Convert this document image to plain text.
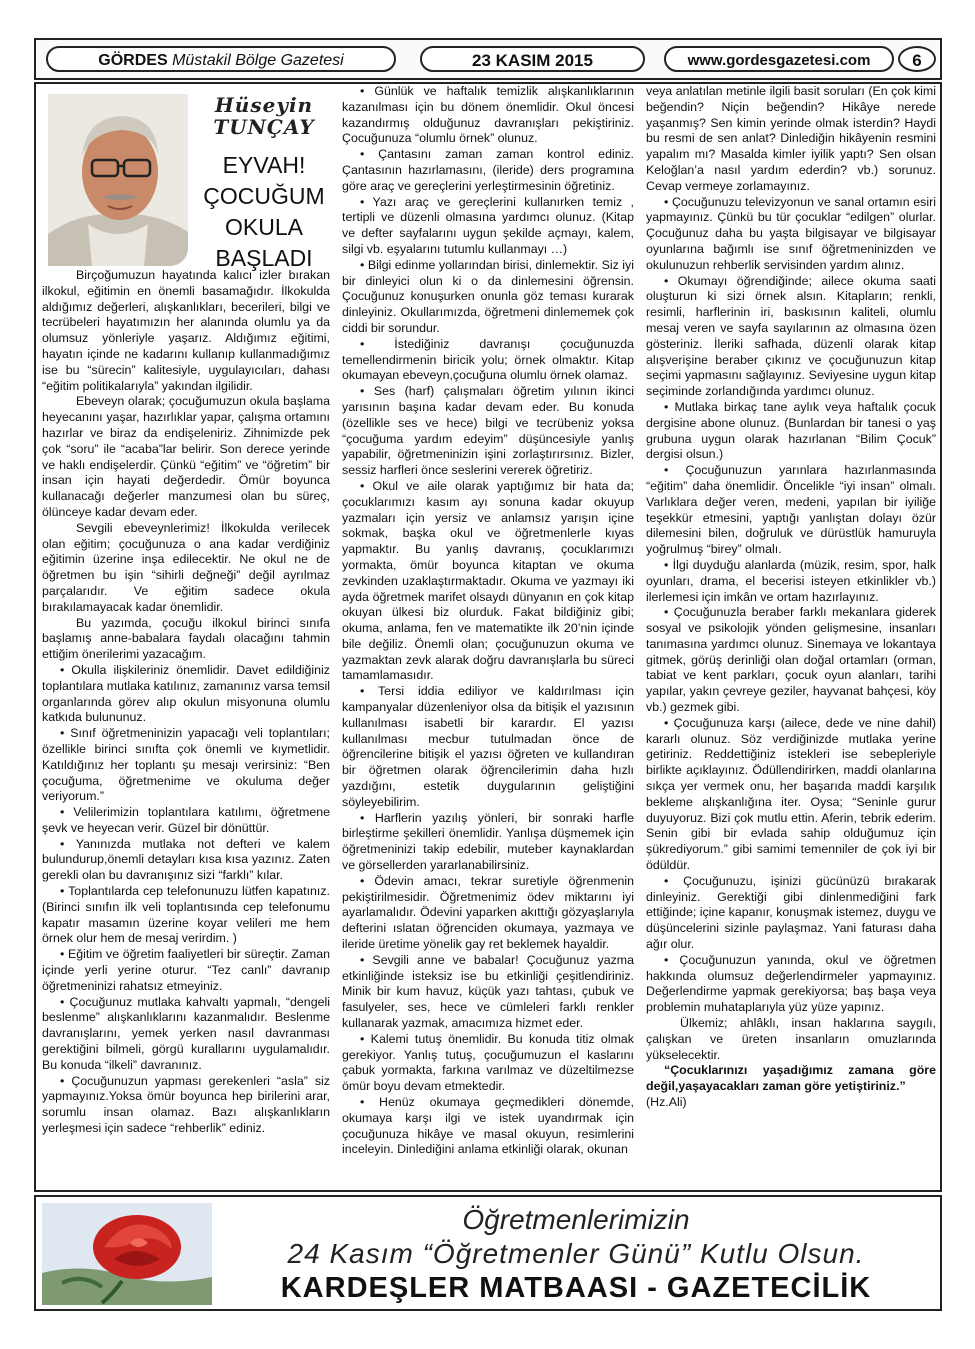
GÖRDES Müstakil Bölge Gazetesi	23 KASIM 2015	www.gordesgazetesi.com	6
Hüseyin
TUNÇAY
EYVAH!
ÇOCUĞUM
OKULA
BAŞLADI

Birçoğumuzun hayatında kalıcı izler bırakan ilkokul, eğitimin en önemli basamağıdır. İlkokulda aldığımız değerleri, alışkanlıkları, becerileri, bilgi ve tecrübeleri hayatımızın her alanında olumlu ya da olumsuz yönleriyle yaşarız. Aldığımız eğitimi, hayatın içinde ne kadarını kullanıp kullanmadığımız ise bu “sürecin” kalitesiyle, uygulayıcıları, dahası “eğitim politikalarıyla” yakından ilgilidir.

Ebeveyn olarak; çocuğumuzun okula başlama heyecanını yaşar, hazırlıklar yapar, çalışma ortamını hazırlar ve biraz da endişeleniriz. Zihnimizde pek çok “soru” ile “acaba”lar belirir. Son derece yerinde ve haklı endişelerdir. Çünkü “eğitim” ve “öğretim” bir insan için hayati değerdedir. Ömür boyunca kullanacağı değerler manzumesi olan bu süreç, ölünceye kadar devam eder.

Sevgili ebeveynlerimiz! İlkokulda verilecek olan eğitim; çocuğunuza o ana kadar verdiğiniz eğitimin üzerine inşa edilecektir. Ne okul ne de öğretmen bu işin “sihirli değneği” değil ayrılmaz parçalarıdır. Ve eğitim sadece okula bırakılamayacak kadar önemlidir.

Bu yazımda, çocuğu ilkokul birinci sınıfa başlamış anne-babalara faydalı olacağını tahmin ettiğim önerilerimi yazacağım.

• Okulla ilişkileriniz önemlidir. Davet edildiğiniz toplantılara mutlaka katılınız, zamanınız varsa temsil organlarında görev alıp okulun misyonuna olumlu katkıda bulununuz.

• Sınıf öğretmeninizin yapacağı veli toplantıları; özellikle birinci sınıfta çok önemli ve kıymetlidir. Katıldığınız her toplantı şu mesajı verirsiniz: “Ben çocuğuma, öğretmenime ve okuluma değer veriyorum.”

• Velilerimizin toplantılara katılımı, öğretmene şevk ve heyecan verir. Güzel bir dönüttür.

• Yanınızda mutlaka not defteri ve kalem bulundurup,önemli detayları kısa kısa yazınız. Zaten gerekli olan bu davranışınız sizi “farklı” kılar.

• Toplantılarda cep telefonunuzu lütfen kapatınız.(Birinci sınıfın ilk veli toplantısında cep telefonumu kapatır masamın üzerine koyar velileri me hem örnek olur hem de mesaj verirdim. )

• Eğitim ve öğretim faaliyetleri bir süreçtir. Zaman içinde yerli yerine oturur. “Tez canlı” davranıp öğretmeninizi rahatsız etmeyiniz.

• Çocuğunuz mutlaka kahvaltı yapmalı, “dengeli beslenme” alışkanlıklarını kazanmalıdır. Beslenme davranışlarını, yemek yerken nasıl davranması gerektiğini bilmeli, görgü kurallarını uygulamalıdır. Bu konuda “ilkeli” davranınız.

• Çocuğunuzun yapması gerekenleri “asla” siz yapmayınız.Yoksa ömür boyunca hep birilerini arar, sorumlu insan olamaz. Bazı alışkanlıkların yerleşmesi için sadece “rehberlik” ediniz.

• Günlük ve haftalık temizlik alışkanlıklarının kazanılması için bu dönem önemlidir. Okul öncesi kazandırmış olduğunuz davranışları pekiştiriniz. Çocuğunuza “olumlu örnek” olunuz.

• Çantasını zaman zaman kontrol ediniz. Çantasının hazırlamasını, (ileride) ders programına göre araç ve gereçlerini yerleştirmesinin öğretiniz.

• Yazı araç ve gereçlerini kullanırken temiz , tertipli ve düzenli olmasına yardımcı olunuz. (Kitap ve defter sayfalarını uygun şekilde açmayı, kalem, silgi vb. eşyalarını tutumlu kullanmayı …)

• Bilgi edinme yollarından birisi, dinlemektir. Siz iyi bir dinleyici olun ki o da dinlemesini öğrensin. Çocuğunuz konuşurken onunla göz teması kurarak dinleyiniz. Okullarımızda, öğretmeni dinlememek çok ciddi bir sorundur.

• İstediğiniz davranışı çocuğunuzda temellendirmenin biricik yolu; örnek olmaktır. Kitap okumayan ebeveyn,çocuğuna olumlu örnek olamaz.

• Ses (harf) çalışmaları öğretim yılının ikinci yarısının başına kadar devam eder. Bu konuda (özellikle ses ve hece) bilgi ve tecrübeniz yoksa “çocuğuma yardım edeyim” düşüncesiyle yanlış yapabilir, öğretmeninizin işini zorlaştırırsınız. Bizler, sessiz harfleri önce seslerini vererek öğretiriz.

• Okul ve aile olarak yaptığımız bir hata da; çocuklarımızı kasım ayı sonuna kadar okuyup yazmaları için yersiz ve anlamsız yarışın içine sokmak, başka okul ve öğretmenlerle kıyas yapmaktır. Bu yanlış davranış, çocuklarımızı yormakta, ömür boyunca kitaptan ve okuma zevkinden uzaklaştırmaktadır. Okuma ve yazmayı iki ayda öğretmek marifet olsaydı dünyanın en çok kitap okuyan ülkesi biz olurduk. Fakat bildiğiniz gibi; okuma, anlama, fen ve matematikte ilk 20’nin içinde bile değiliz. Önemli olan; çocuğunuzun okuma ve yazmaktan zevk alarak doğru davranışlarla bu süreci tamamlamasıdır.

• Tersi iddia ediliyor ve kaldırılması için kampanyalar düzenleniyor olsa da bitişik el yazısının kullanılması isabetli bir karardır. El yazısı kullanılması mecbur tutulmadan önce de öğrencilerine bitişik el yazısı öğreten ve kullandıran bir öğretmen olarak öğrencilerimin daha hızlı yazdığını, estetik duygularının geliştiğini söyleyebilirim.

• Harflerin yazılış yönleri, bir sonraki harfle birleştirme şekilleri önemlidir. Yanlışa düşmemek için öğretmeninizi takip edebilir, muteber kaynaklardan ve görsellerden yararlanabilirsiniz.

• Ödevin amacı, tekrar suretiyle öğrenmenin pekiştirilmesidir. Öğretmenimiz ödev miktarını iyi ayarlamalıdır. Ödevini yaparken akıttığı gözyaşlarıyla defterini ıslatan öğrenciden okumaya, yazmaya ve ileride üretime yönelik gay ret beklemek hayaldir.

• Sevgili anne ve babalar! Çocuğunuz yazma etkinliğinde isteksiz ise bu etkinliği çeşitlendiriniz. Minik bir kum havuz, küçük yazı tahtası, çubuk ve fasulyeler, ses, hece ve cümleleri farklı renkler kullanarak yazmak, amacımıza hizmet eder.

• Kalemi tutuş önemlidir. Bu konuda titiz olmak gerekiyor. Yanlış tutuş, çocuğumuzun el kaslarını çabuk yormakta, farkına varılmaz ve düzeltilmezse ömür boyu devam etmektedir.

• Henüz okumaya geçmedikleri dönemde, okumaya karşı ilgi ve istek uyandırmak için çocuğunuza hikâye ve masal okuyun, resimlerini inceleyin. Dinlediğini anlama etkinliği olarak, okunan

veya anlatılan metinle ilgili basit soruları (En çok kimi beğendin? Niçin beğendin? Hikâye nerede yaşanmış? Sen kimin yerinde olmak isterdin? Haydi bu resmi de sen anlat? Dinlediğin hikâyenin resmini yapalım mı? Masalda kimler iyilik yaptı? Sen olsan Keloğlan’a nasıl yardım ederdin? vb.) sorunuz. Cevap vermeye zorlamayınız.

• Çocuğunuzu televizyonun ve sanal ortamın esiri yapmayınız. Çünkü bu tür çocuklar “edilgen” olurlar. Çocuğunuz daha bu yaşta bilgisayar ve bilgisayar oyunlarına bağımlı ise sınıf öğretmeninizden ve okulunuzun rehberlik servisinden yardım alınız.

• Okumayı öğrendiğinde; ailece okuma saati oluşturun ki sizi örnek alsın. Kitapların; renkli, resimli, harflerinin iri, baskısının kaliteli, olumlu mesaj veren ve sayfa sayılarının az olmasına özen gösteriniz. İleriki safhada, düzenli olarak kitap alışverişine beraber çıkınız ve çocuğunuzun kitap seçimi yapmasını sağlayınız. Seviyesine uygun kitap seçiminde zorlandığında yardımcı olunuz.

• Mutlaka birkaç tane aylık veya haftalık çocuk dergisine abone olunuz. (Bunlardan bir tanesi o yaş grubuna uygun olarak hazırlanan “Bilim Çocuk” dergisi olsun.)

• Çocuğunuzun yarınlara hazırlanmasında “eğitim” daha önemlidir. Öncelikle “iyi insan” olmalı. Varlıklara değer veren, medeni, yapılan bir iyiliğe teşekkür etmesini, yaptığı yanlıştan dolayı özür dilemesini bilen, doğruluk ve dürüstlük hamuruyla yoğrulmuş “birey” olmalı.

• İlgi duyduğu alanlarda (müzik, resim, spor, halk oyunları, drama, el becerisi isteyen etkinlikler vb.) ilerlemesi için imkân ve ortam hazırlayınız.

• Çocuğunuzla beraber farklı mekanlara giderek sosyal ve psikolojik yönden gelişmesine, insanları tanımasına yardımcı olunuz. Sinemaya ve lokantaya gitmek, görüş derinliği olan doğal ortamları (orman, tabiat ve kent parkları, çocuk oyun alanları, tarihi yapılar, yakın çevreye geziler, hayvanat bahçesi, köy vb.) gezmek gibi.

• Çocuğunuza karşı (ailece, dede ve nine dahil) kararlı olunuz. Söz verdiğinizde mutlaka yerine getiriniz. Reddettiğiniz istekleri ise sebepleriyle birlikte açıklayınız. Ödüllendirirken, maddi olanlarına sıkça yer vermek onu, her başarıda maddi karşılık bekleme alışkanlığına iter. Oysa; “Seninle gurur duyuyoruz. Bizi çok mutlu ettin. Aferin, tebrik ederim. Senin gibi bir evlada sahip olduğumuz için şükrediyorum.” gibi samimi temenniler de çok iyi bir ödüldür.

• Çocuğunuzu, işinizi gücünüzü bırakarak dinleyiniz. Gerektiği gibi dinlenmediğini fark ettiğinde; içine kapanır, konuşmak istemez, duygu ve düşüncelerini sizinle paylaşmaz. Yani faturası daha ağır olur.

• Çocuğunuzun yanında, okul ve öğretmen hakkında olumsuz değerlendirmeler yapmayınız. Değerlendirme yapmak gerekiyorsa; baş başa veya problemin muhataplarıyla yüz yüze yapınız.

Ülkemiz; ahlâklı, insan haklarına saygılı, çalışkan ve üreten insanların omuzlarında yükselecektir.

“Çocuklarınızı yaşadığımız zamana göre değil,yaşayacakları zaman göre yetiştiriniz.”

(Hz.Ali)

Öğretmenlerimizin
24 Kasım “Öğretmenler Günü” Kutlu Olsun.
KARDEŞLER MATBAASI - GAZETECİLİK
